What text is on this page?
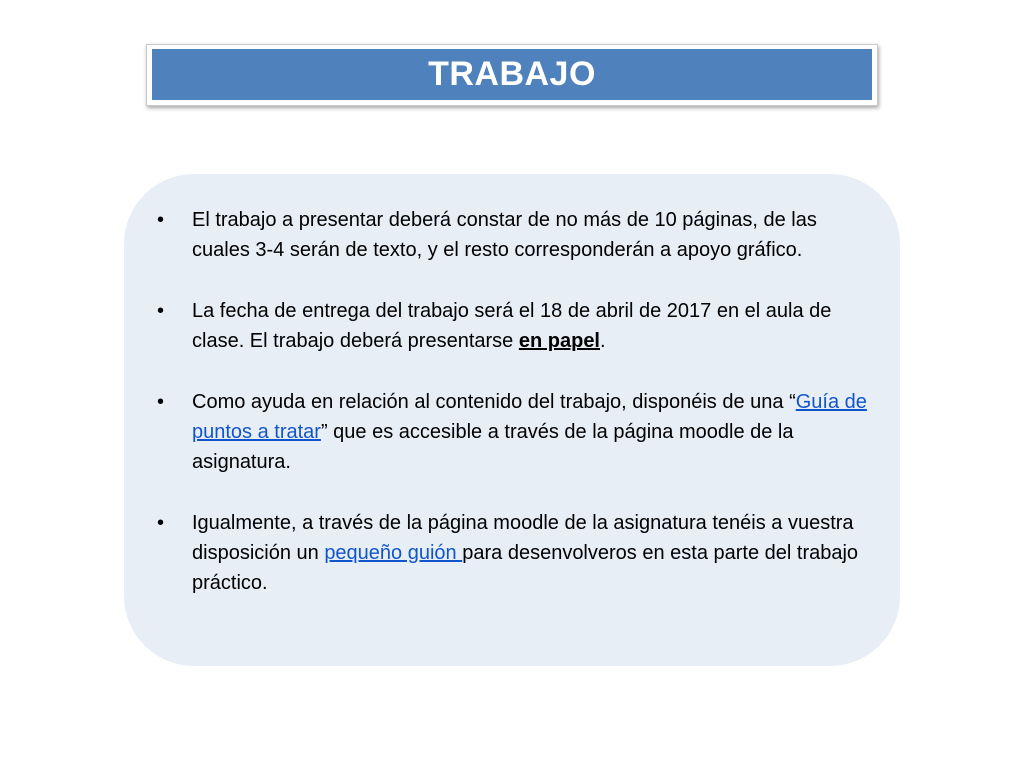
TRABAJO
• El trabajo a presentar deberá constar de no más de 10 páginas, de las cuales 3-4 serán de texto, y el resto corresponderán a apoyo gráfico.
• La fecha de entrega del trabajo será el 18 de abril de 2017 en el aula de clase. El trabajo deberá presentarse en papel.
• Como ayuda en relación al contenido del trabajo, disponéis de una “Guía de puntos a tratar” que es accesible a través de la página moodle de la asignatura.
• Igualmente, a través de la página moodle de la asignatura tenéis a vuestra disposición un pequeño guión para desenvolveros en esta parte del trabajo práctico.
